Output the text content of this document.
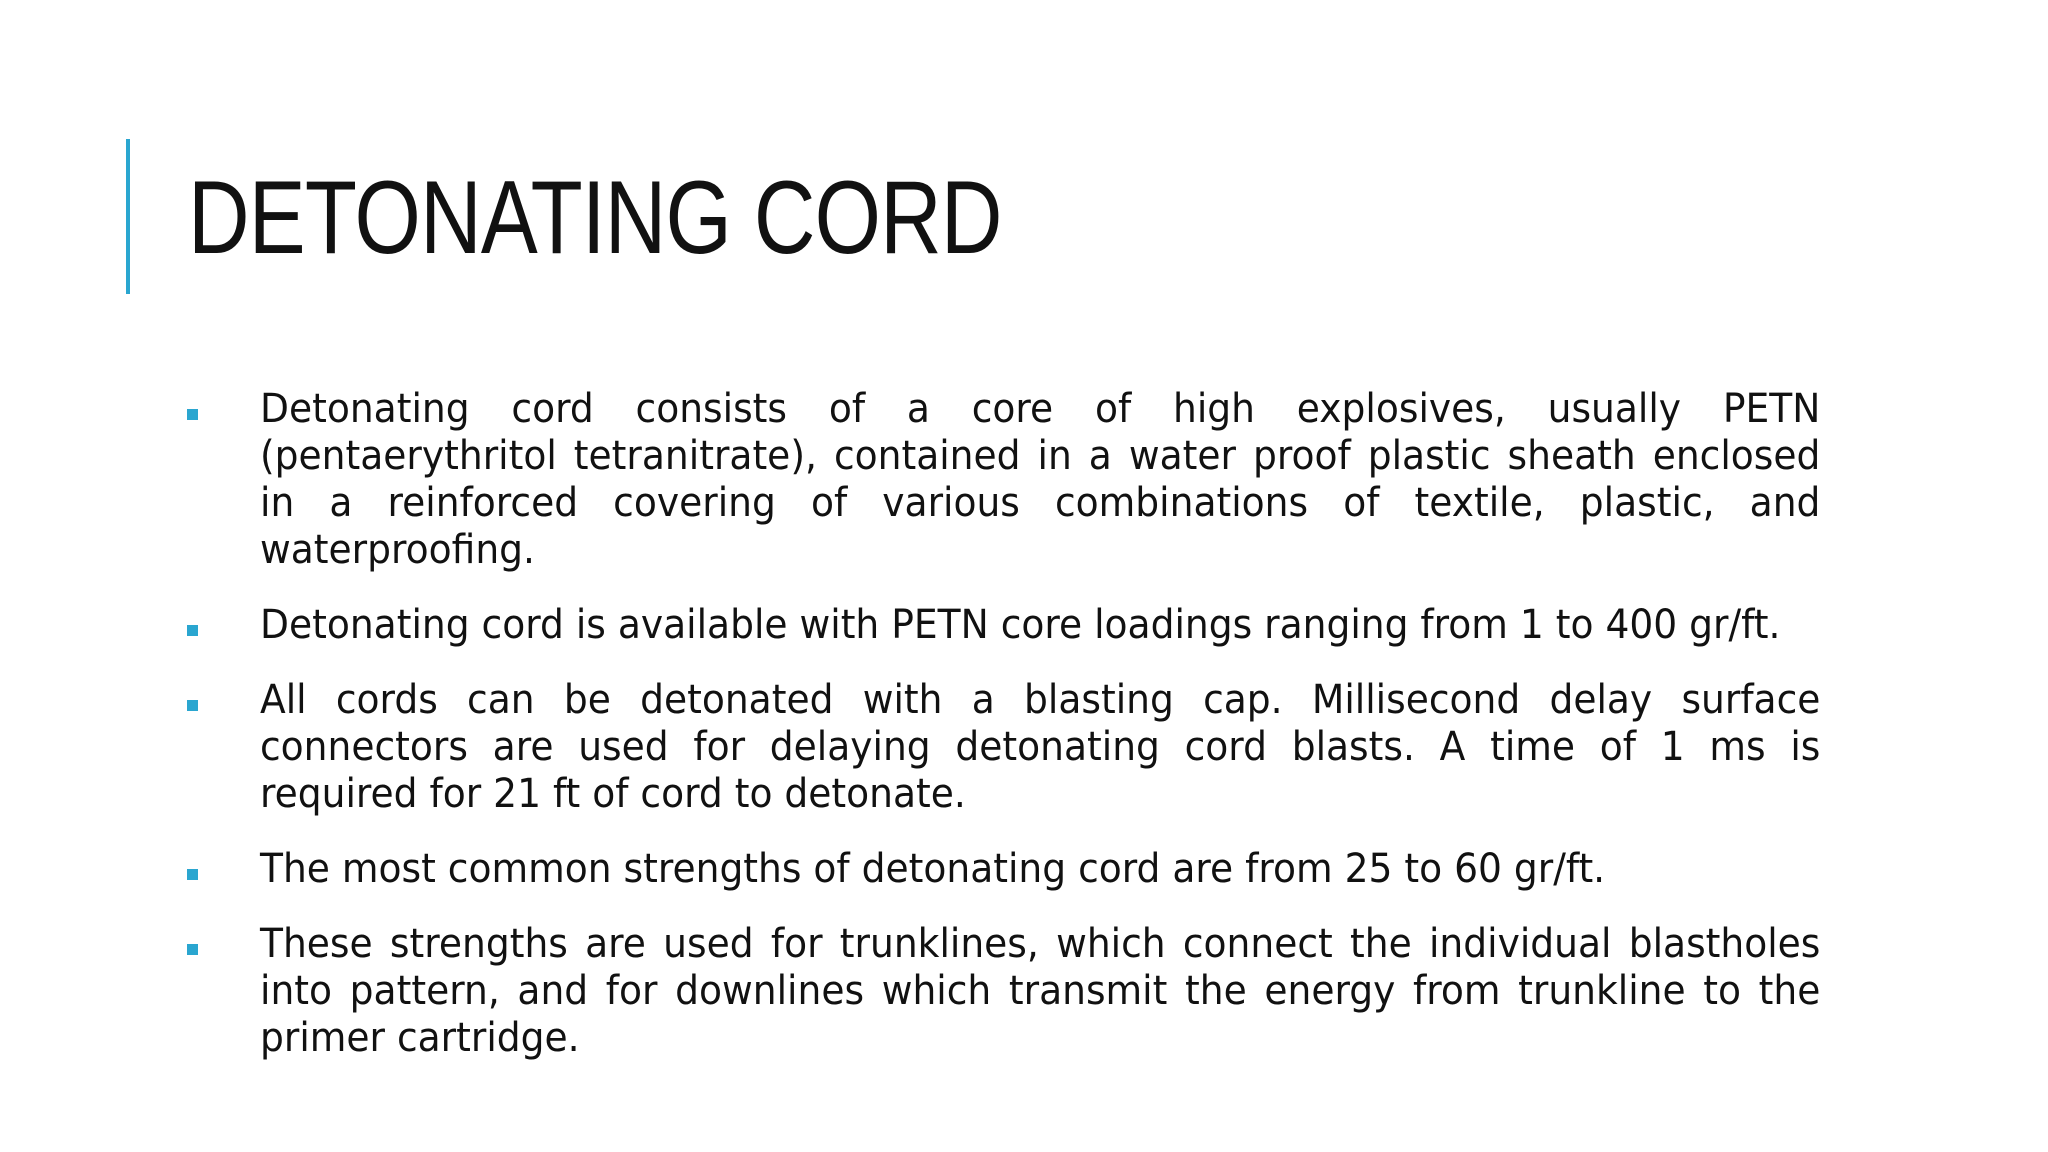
DETONATING CORD
Detonating cord consists of a core of high explosives, usually PETN (pentaerythritol tetranitrate), contained in a water proof plastic sheath enclosed in a reinforced covering of various combinations of textile, plastic, and waterproofing.
Detonating cord is available with PETN core loadings ranging from 1 to 400 gr/ft.
All cords can be detonated with a blasting cap. Millisecond delay surface connectors are used for delaying detonating cord blasts. A time of 1 ms is required for 21 ft of cord to detonate.
The most common strengths of detonating cord are from 25 to 60 gr/ft.
These strengths are used for trunklines, which connect the individual blastholes into pattern, and for downlines which transmit the energy from trunkline to the primer cartridge.
